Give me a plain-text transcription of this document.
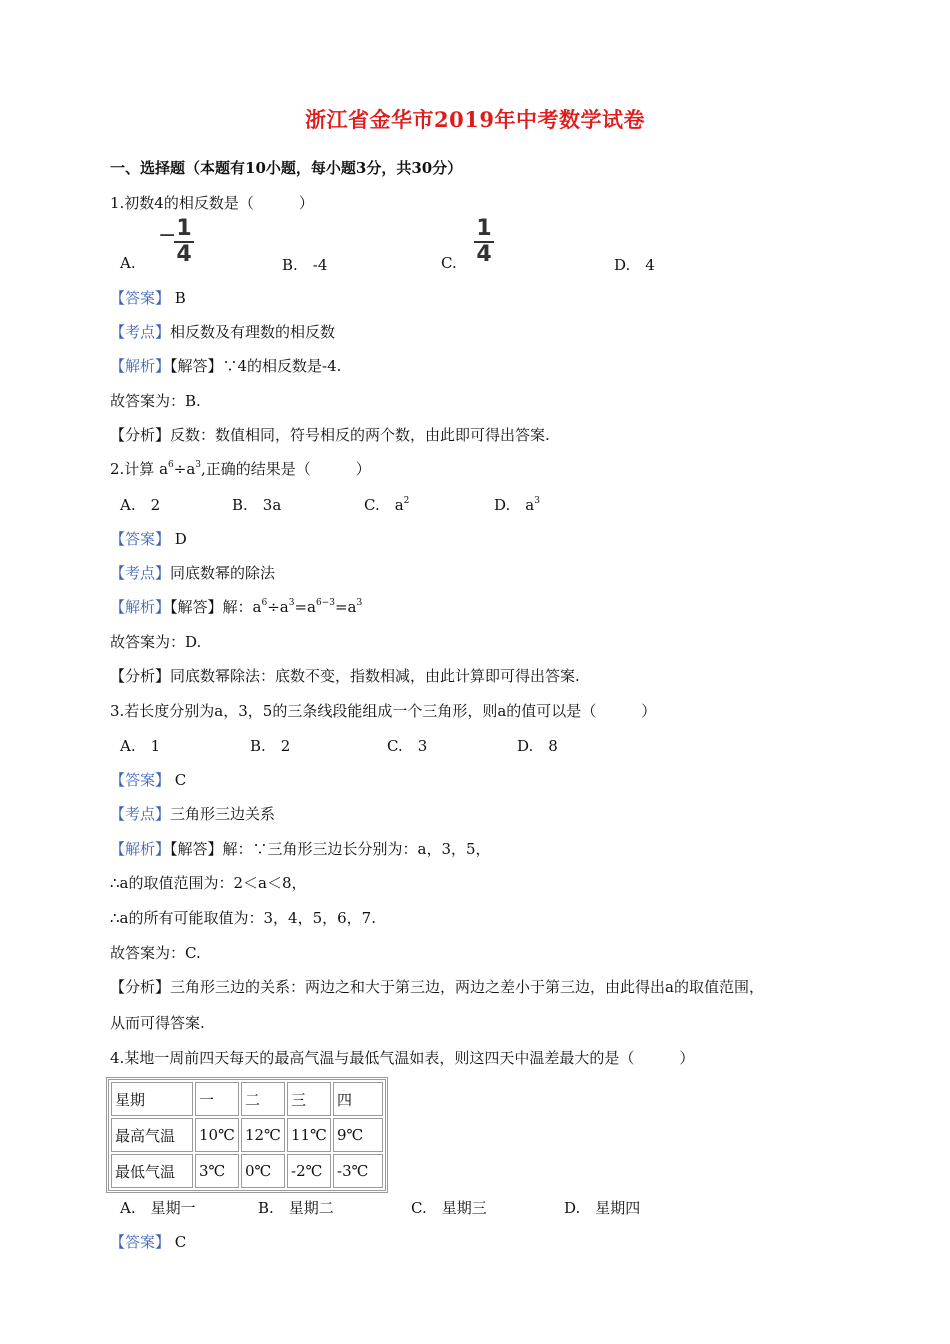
浙江省金华市2019年中考数学试卷
一、选择题（本题有10小题，每小题3分，共30分）
1.初数4的相反数是（　　　）
A.
− 1
4	B.　-4	C.
1
4	D.　4
【答案】 B
【考点】相反数及有理数的相反数
【解析】【解答】∵4的相反数是-4.
故答案为：B.
【分析】反数：数值相同，符号相反的两个数，由此即可得出答案.
2.计算 $a^6\div a^3$,正确的结果是（　　　）
A.　2	B.　3a	C.　$a^2$	D.　$a^3$
【答案】 D
【考点】同底数幂的除法
【解析】【解答】解：$a^6\div a^3=a^{6-3}=a^3$
故答案为：D.
【分析】同底数幂除法：底数不变，指数相减，由此计算即可得出答案.
3.若长度分别为a，3，5的三条线段能组成一个三角形，则a的值可以是（　　　）
A.　1	B.　2	C.　3	D.　8
【答案】 C
【考点】三角形三边关系
【解析】【解答】解：∵三角形三边长分别为：a，3，5，
∴a的取值范围为：2＜a＜8，
∴a的所有可能取值为：3，4，5，6，7.
故答案为：C.
【分析】三角形三边的关系：两边之和大于第三边，两边之差小于第三边，由此得出a的取值范围，
从而可得答案.
4.某地一周前四天每天的最高气温与最低气温如表，则这四天中温差最大的是（　　　）
星期	一	二	三	四
最高气温	10℃	12℃	11℃	9℃
最低气温	3℃	0℃	-2℃	-3℃
A.　星期一	B.　星期二	C.　星期三	D.　星期四
【答案】 C
